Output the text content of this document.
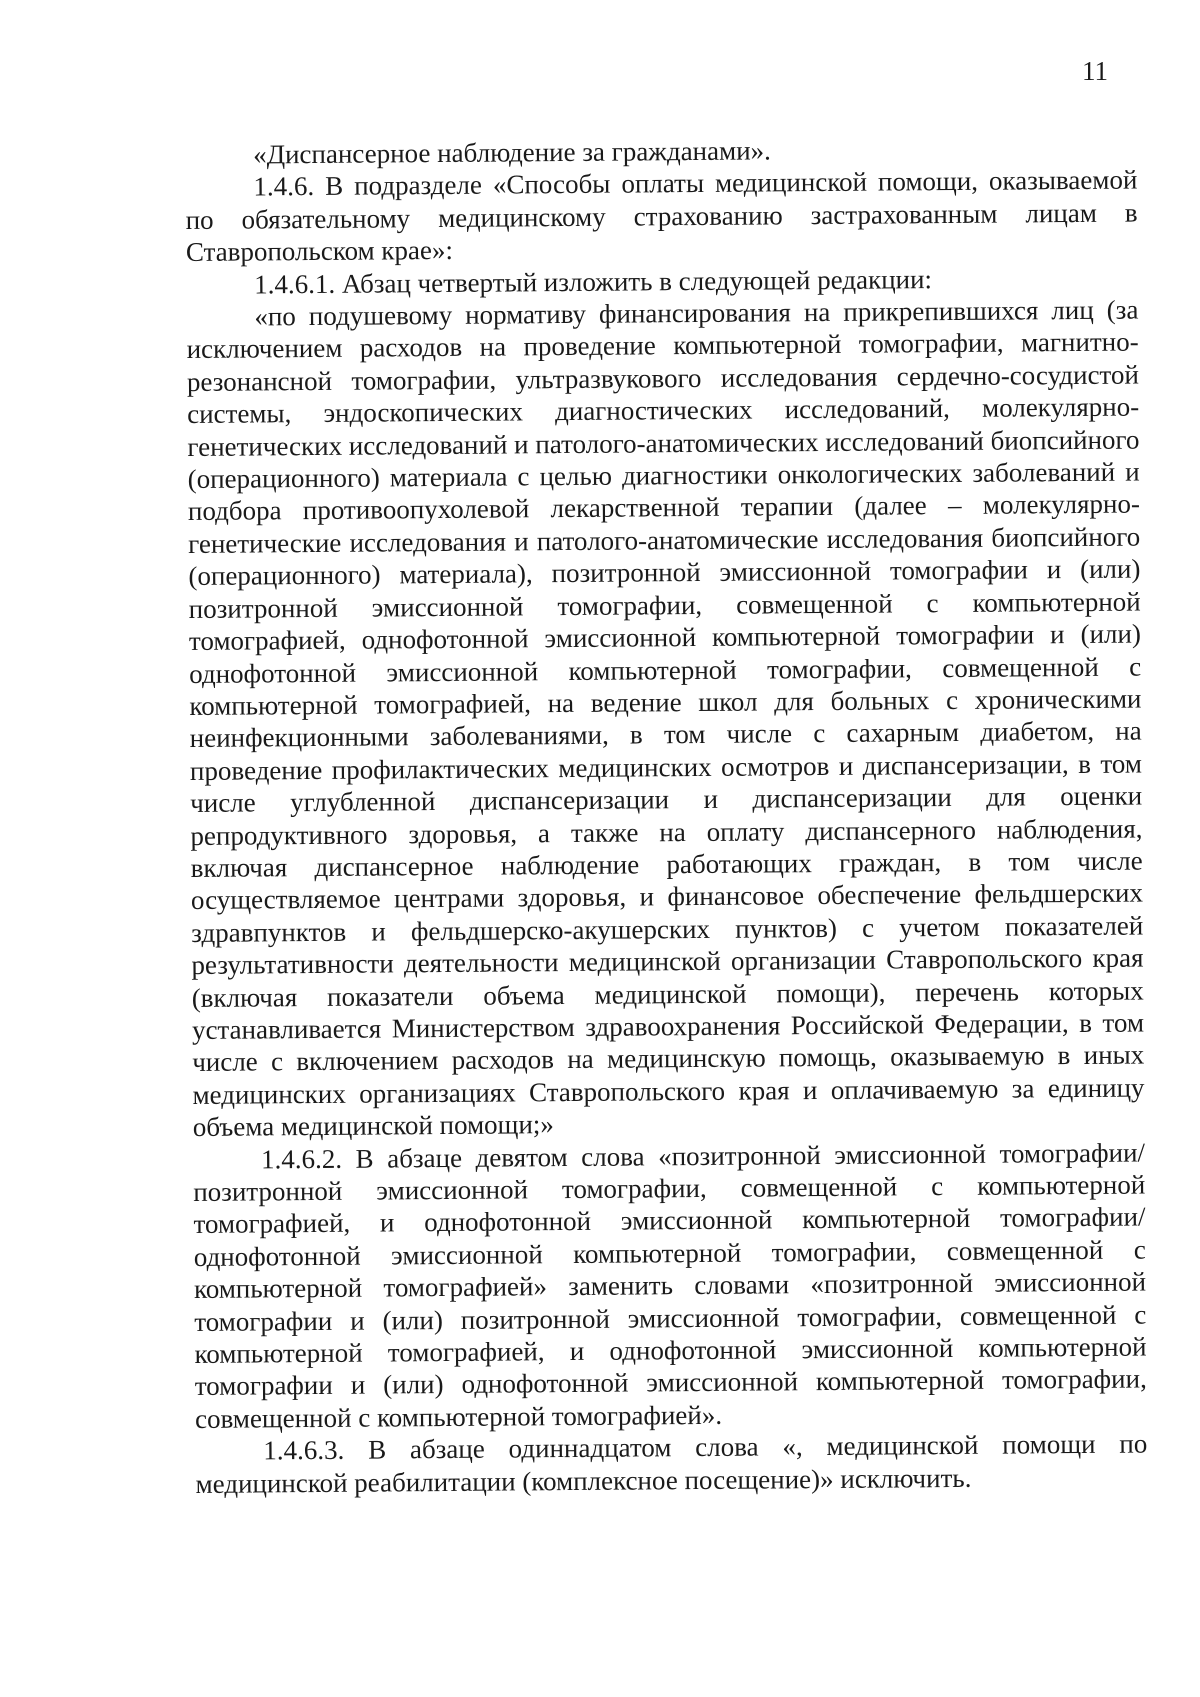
11

«Диспансерное наблюдение за гражданами».

1.4.6. В подразделе «Способы оплаты медицинской помощи, оказываемой по обязательному медицинскому страхованию застрахованным лицам в Ставропольском крае»:

1.4.6.1. Абзац четвертый изложить в следующей редакции:

«по подушевому нормативу финансирования на прикрепившихся лиц (за исключением расходов на проведение компьютерной томографии, магнитно-резонансной томографии, ультразвукового исследования сердечно-сосудистой системы, эндоскопических диагностических исследований, молекулярно-генетических исследований и патолого-анатомических исследований биопсийного (операционного) материала с целью диагностики онкологических заболеваний и подбора противоопухолевой лекарственной терапии (далее – молекулярно-генетические исследования и патолого-анатомические исследования биопсийного (операционного) материала), позитронной эмиссионной томографии и (или) позитронной эмиссионной томографии, совмещенной с компьютерной томографией, однофотонной эмиссионной компьютерной томографии и (или) однофотонной эмиссионной компьютерной томографии, совмещенной с компьютерной томографией, на ведение школ для больных с хроническими неинфекционными заболеваниями, в том числе с сахарным диабетом, на проведение профилактических медицинских осмотров и диспансеризации, в том числе углубленной диспансеризации и диспансеризации для оценки репродуктивного здоровья, а также на оплату диспансерного наблюдения, включая диспансерное наблюдение работающих граждан, в том числе осуществляемое центрами здоровья, и финансовое обеспечение фельдшерских здравпунктов и фельдшерско-акушерских пунктов) с учетом показателей результативности деятельности медицинской организации Ставропольского края (включая показатели объема медицинской помощи), перечень которых устанавливается Министерством здравоохранения Российской Федерации, в том числе с включением расходов на медицинскую помощь, оказываемую в иных медицинских организациях Ставропольского края и оплачиваемую за единицу объема медицинской помощи;»

1.4.6.2. В абзаце девятом слова «позитронной эмиссионной томографии/позитронной эмиссионной томографии, совмещенной с компьютерной томографией, и однофотонной эмиссионной компьютерной томографии/однофотонной эмиссионной компьютерной томографии, совмещенной с компьютерной томографией» заменить словами «позитронной эмиссионной томографии и (или) позитронной эмиссионной томографии, совмещенной с компьютерной томографией, и однофотонной эмиссионной компьютерной томографии и (или) однофотонной эмиссионной компьютерной томографии, совмещенной с компьютерной томографией».

1.4.6.3. В абзаце одиннадцатом слова «, медицинской помощи по медицинской реабилитации (комплексное посещение)» исключить.
